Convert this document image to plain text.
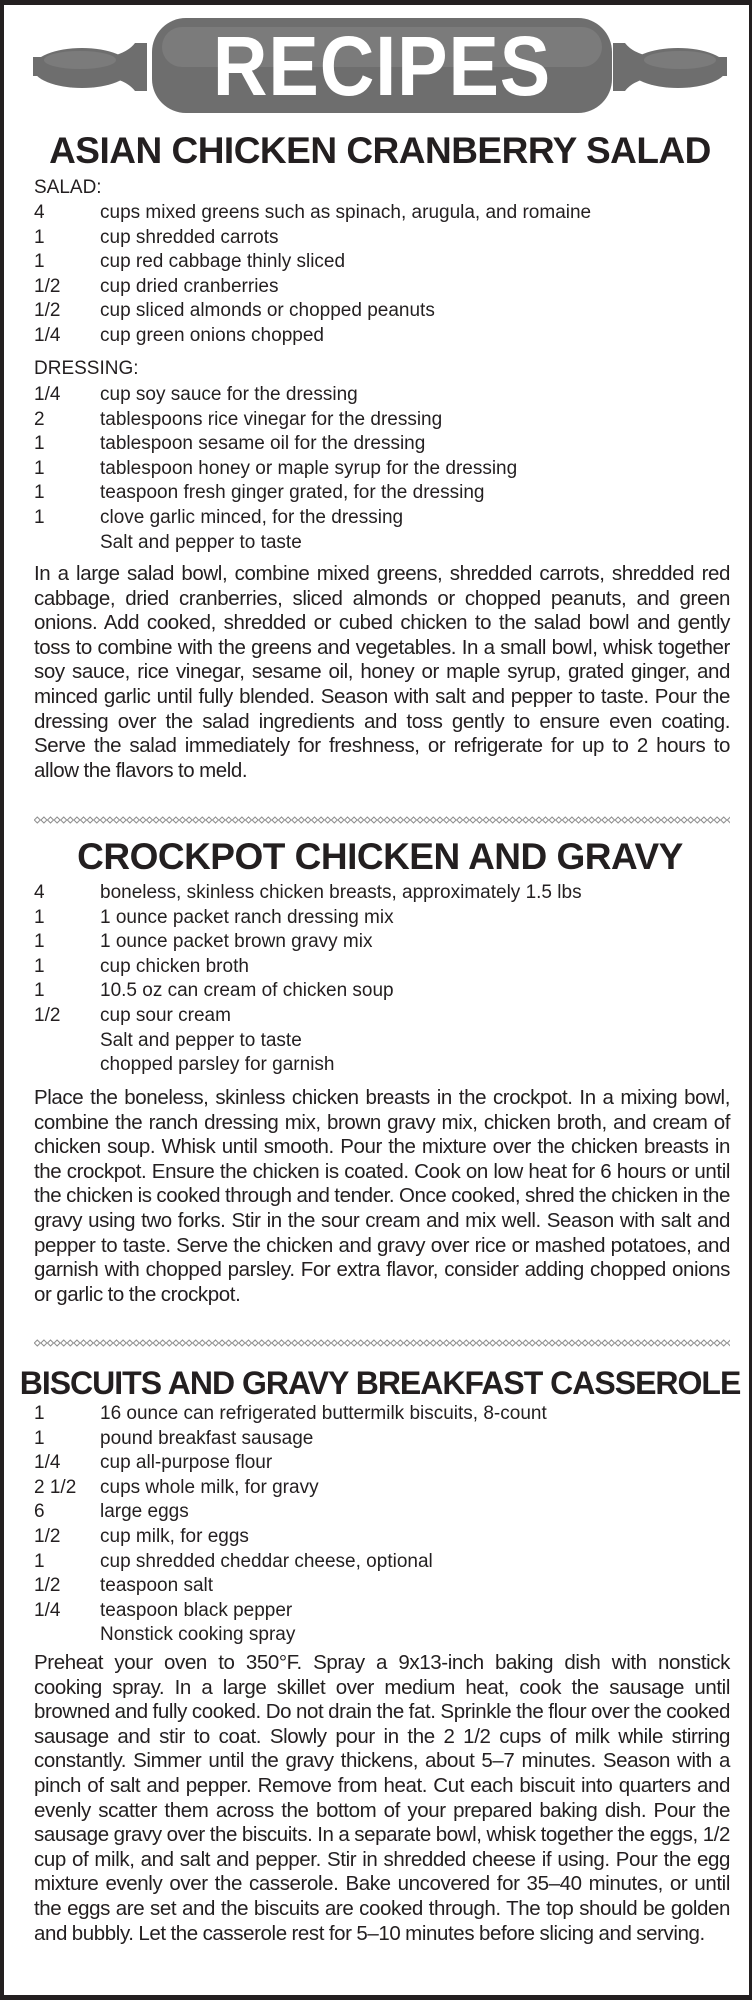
RECIPES
ASIAN CHICKEN CRANBERRY SALAD
SALAD:
4	cups mixed greens such as spinach, arugula, and romaine
1	cup shredded carrots
1	cup red cabbage thinly sliced
1/2	cup dried cranberries
1/2	cup sliced almonds or chopped peanuts
1/4	cup green onions chopped
DRESSING:
1/4	cup soy sauce for the dressing
2	tablespoons rice vinegar for the dressing
1	tablespoon sesame oil for the dressing
1	tablespoon honey or maple syrup for the dressing
1	teaspoon fresh ginger grated, for the dressing
1	clove garlic minced, for the dressing
Salt and pepper to taste

In a large salad bowl, combine mixed greens, shredded carrots, shredded red cabbage, dried cranberries, sliced almonds or chopped peanuts, and green onions. Add cooked, shredded or cubed chicken to the salad bowl and gently toss to combine with the greens and vegetables. In a small bowl, whisk together soy sauce, rice vinegar, sesame oil, honey or maple syrup, grated ginger, and minced garlic until fully blended. Season with salt and pepper to taste. Pour the dressing over the salad ingredients and toss gently to ensure even coating. Serve the salad immediately for freshness, or refrigerate for up to 2 hours to allow the flavors to meld.

CROCKPOT CHICKEN AND GRAVY
4	boneless, skinless chicken breasts, approximately 1.5 lbs
1	1 ounce packet ranch dressing mix
1	1 ounce packet brown gravy mix
1	cup chicken broth
1	10.5 oz can cream of chicken soup
1/2	cup sour cream
Salt and pepper to taste
chopped parsley for garnish

Place the boneless, skinless chicken breasts in the crockpot. In a mixing bowl, combine the ranch dressing mix, brown gravy mix, chicken broth, and cream of chicken soup. Whisk until smooth. Pour the mixture over the chicken breasts in the crockpot. Ensure the chicken is coated. Cook on low heat for 6 hours or until the chicken is cooked through and tender. Once cooked, shred the chicken in the gravy using two forks. Stir in the sour cream and mix well. Season with salt and pepper to taste. Serve the chicken and gravy over rice or mashed potatoes, and garnish with chopped parsley. For extra flavor, consider adding chopped onions or garlic to the crockpot.

BISCUITS AND GRAVY BREAKFAST CASSEROLE
1	16 ounce can refrigerated buttermilk biscuits, 8-count
1	pound breakfast sausage
1/4	cup all-purpose flour
2 1/2	cups whole milk, for gravy
6	large eggs
1/2	cup milk, for eggs
1	cup shredded cheddar cheese, optional
1/2	teaspoon salt
1/4	teaspoon black pepper
Nonstick cooking spray

Preheat your oven to 350°F. Spray a 9x13-inch baking dish with nonstick cooking spray. In a large skillet over medium heat, cook the sausage until browned and fully cooked. Do not drain the fat. Sprinkle the flour over the cooked sausage and stir to coat. Slowly pour in the 2 1/2 cups of milk while stirring constantly. Simmer until the gravy thickens, about 5–7 minutes. Season with a pinch of salt and pepper. Remove from heat. Cut each biscuit into quarters and evenly scatter them across the bottom of your prepared baking dish. Pour the sausage gravy over the biscuits. In a separate bowl, whisk together the eggs, 1/2 cup of milk, and salt and pepper. Stir in shredded cheese if using. Pour the egg mixture evenly over the casserole. Bake uncovered for 35–40 minutes, or until the eggs are set and the biscuits are cooked through. The top should be golden and bubbly. Let the casserole rest for 5–10 minutes before slicing and serving.
